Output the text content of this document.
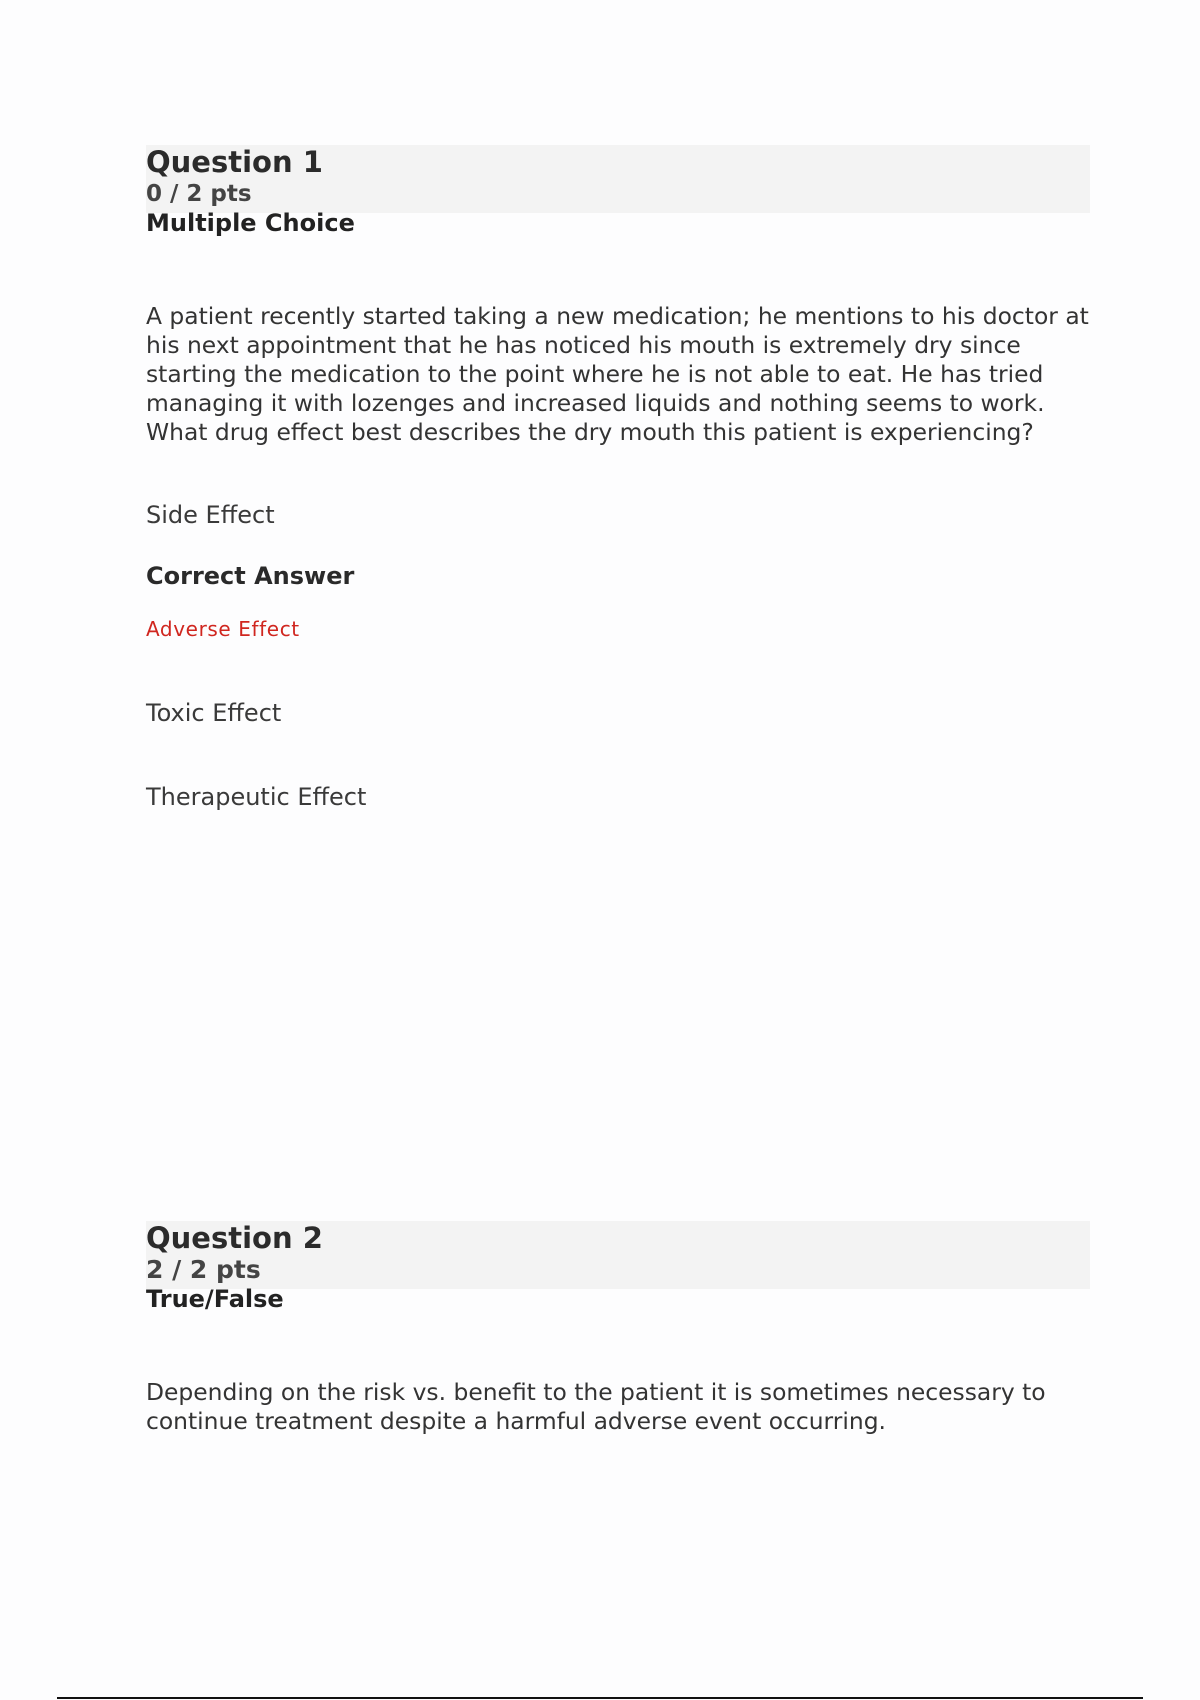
Question 1
0 / 2 pts
Multiple Choice
A patient recently started taking a new medication; he mentions to his doctor at his next appointment that he has noticed his mouth is extremely dry since starting the medication to the point where he is not able to eat. He has tried managing it with lozenges and increased liquids and nothing seems to work. What drug effect best describes the dry mouth this patient is experiencing?
Side Effect
Correct Answer
Adverse Effect
Toxic Effect
Therapeutic Effect
Question 2
2 / 2 pts
True/False
Depending on the risk vs. benefit to the patient it is sometimes necessary to continue treatment despite a harmful adverse event occurring.
